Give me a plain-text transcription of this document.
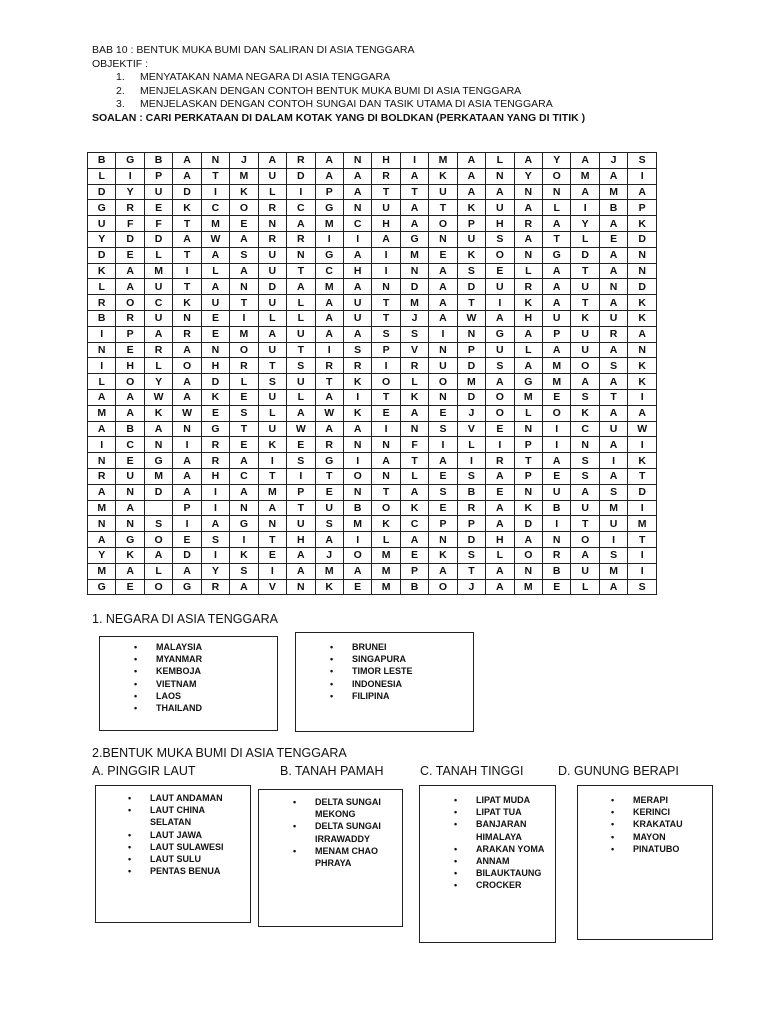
BAB 10 : BENTUK MUKA BUMI DAN SALIRAN DI ASIA TENGGARA
OBJEKTIF :
1. MENYATAKAN NAMA NEGARA DI ASIA TENGGARA
2. MENJELASKAN DENGAN CONTOH BENTUK MUKA BUMI DI ASIA TENGGARA
3. MENJELASKAN DENGAN CONTOH SUNGAI DAN TASIK UTAMA DI ASIA TENGGARA
SOALAN : CARI PERKATAAN DI DALAM KOTAK YANG DI BOLDKAN (PERKATAAN YANG DI TITIK )
B	G	B	A	N	J	A	R	A	N	H	I	M	A	L	A	Y	A	J	S
L	I	P	A	T	M	U	D	A	A	R	A	K	A	N	Y	O	M	A	I
D	Y	U	D	I	K	L	I	P	A	T	T	U	A	A	N	N	A	M	A
G	R	E	K	C	O	R	C	G	N	U	A	T	K	U	A	L	I	B	P
U	F	F	T	M	E	N	A	M	C	H	A	O	P	H	R	A	Y	A	K
Y	D	D	A	W	A	R	R	I	I	A	G	N	U	S	A	T	L	E	D
D	E	L	T	A	S	U	N	G	A	I	M	E	K	O	N	G	D	A	N
K	A	M	I	L	A	U	T	C	H	I	N	A	S	E	L	A	T	A	N
L	A	U	T	A	N	D	A	M	A	N	D	A	D	U	R	A	U	N	D
R	O	C	K	U	T	U	L	A	U	T	M	A	T	I	K	A	T	A	K
B	R	U	N	E	I	L	L	A	U	T	J	A	W	A	H	U	K	U	K
I	P	A	R	E	M	A	U	A	A	S	S	I	N	G	A	P	U	R	A
N	E	R	A	N	O	U	T	I	S	P	V	N	P	U	L	A	U	A	N
I	H	L	O	H	R	T	S	R	R	I	R	U	D	S	A	M	O	S	K
L	O	Y	A	D	L	S	U	T	K	O	L	O	M	A	G	M	A	A	K
A	A	W	A	K	E	U	L	A	I	T	K	N	D	O	M	E	S	T	I
M	A	K	W	E	S	L	A	W	K	E	A	E	J	O	L	O	K	A	A
A	B	A	N	G	T	U	W	A	A	I	N	S	V	E	N	I	C	U	W
I	C	N	I	R	E	K	E	R	N	N	F	I	L	I	P	I	N	A	I
N	E	G	A	R	A	I	S	G	I	A	T	A	I	R	T	A	S	I	K
R	U	M	A	H	C	T	I	T	O	N	L	E	S	A	P	E	S	A	T
A	N	D	A	I	A	M	P	E	N	T	A	S	B	E	N	U	A	S	D
M	A		P	I	N	A	T	U	B	O	K	E	R	A	K	B	U	M	I
N	N	S	I	A	G	N	U	S	M	K	C	P	P	A	D	I	T	U	M
A	G	O	E	S	I	T	H	A	I	L	A	N	D	H	A	N	O	I	T
Y	K	A	D	I	K	E	A	J	O	M	E	K	S	L	O	R	A	S	I
M	A	L	A	Y	S	I	A	M	A	M	P	A	T	A	N	B	U	M	I
G	E	O	G	R	A	V	N	K	E	M	B	O	J	A	M	E	L	A	S
1. NEGARA DI ASIA TENGGARA
• MALAYSIA
• MYANMAR
• KEMBOJA
• VIETNAM
• LAOS
• THAILAND
• BRUNEI
• SINGAPURA
• TIMOR LESTE
• INDONESIA
• FILIPINA
2.BENTUK MUKA BUMI DI ASIA TENGGARA
A. PINGGIR LAUT	B. TANAH PAMAH	C. TANAH TINGGI	D. GUNUNG BERAPI
• LAUT ANDAMAN
• LAUT CHINA SELATAN
• LAUT JAWA
• LAUT SULAWESI
• LAUT SULU
• PENTAS BENUA
• DELTA SUNGAI MEKONG
• DELTA SUNGAI IRRAWADDY
• MENAM CHAO PHRAYA
• LIPAT MUDA
• LIPAT TUA
• BANJARAN HIMALAYA
• ARAKAN YOMA
• ANNAM
• BILAUKTAUNG
• CROCKER
• MERAPI
• KERINCI
• KRAKATAU
• MAYON
• PINATUBO
